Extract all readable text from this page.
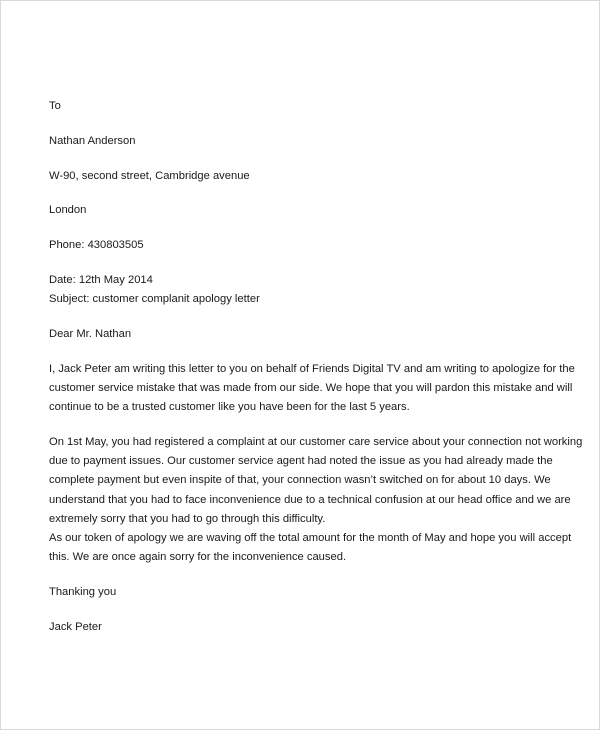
To
Nathan Anderson
W-90, second street, Cambridge avenue
London
Phone: 430803505
Date: 12th May 2014
Subject: customer complanit apology letter
Dear Mr. Nathan
I, Jack Peter am writing this letter to you on behalf of Friends Digital TV and am writing to apologize for the
customer service mistake that was made from our side. We hope that you will pardon this mistake and will
continue to be a trusted customer like you have been for the last 5 years.
On 1st May, you had registered a complaint at our customer care service about your connection not working
due to payment issues. Our customer service agent had noted the issue as you had already made the
complete payment but even inspite of that, your connection wasn’t switched on for about 10 days. We
understand that you had to face inconvenience due to a technical confusion at our head office and we are
extremely sorry that you had to go through this difficulty.
As our token of apology we are waving off the total amount for the month of May and hope you will accept
this. We are once again sorry for the inconvenience caused.
Thanking you
Jack Peter
